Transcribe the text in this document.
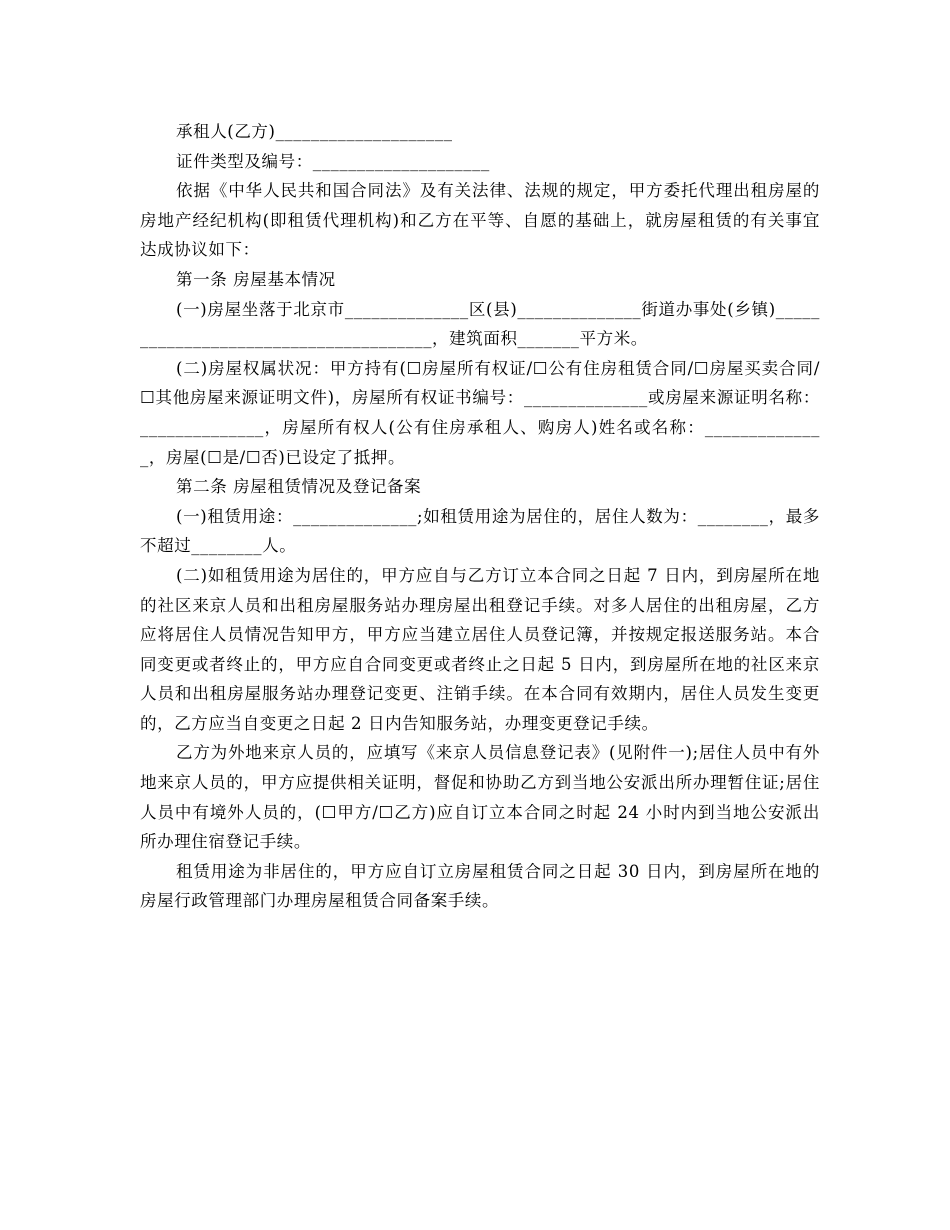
承租人(乙方)____________________

证件类型及编号：____________________

依据《中华人民共和国合同法》及有关法律、法规的规定，甲方委托代理出租房屋的房地产经纪机构(即租赁代理机构)和乙方在平等、自愿的基础上，就房屋租赁的有关事宜达成协议如下：

第一条 房屋基本情况

(一)房屋坐落于北京市______________区(县)______________街道办事处(乡镇)______________________________________，建筑面积_______平方米。

(二)房屋权属状况：甲方持有(☐房屋所有权证/☐公有住房租赁合同/☐房屋买卖合同/☐其他房屋来源证明文件)，房屋所有权证书编号：______________或房屋来源证明名称：______________，房屋所有权人(公有住房承租人、购房人)姓名或名称：______________，房屋(☐是/☐否)已设定了抵押。

第二条 房屋租赁情况及登记备案

(一)租赁用途：______________;如租赁用途为居住的，居住人数为：________，最多不超过________人。

(二)如租赁用途为居住的，甲方应自与乙方订立本合同之日起 7 日内，到房屋所在地的社区来京人员和出租房屋服务站办理房屋出租登记手续。对多人居住的出租房屋，乙方应将居住人员情况告知甲方，甲方应当建立居住人员登记簿，并按规定报送服务站。本合同变更或者终止的，甲方应自合同变更或者终止之日起 5 日内，到房屋所在地的社区来京人员和出租房屋服务站办理登记变更、注销手续。在本合同有效期内，居住人员发生变更的，乙方应当自变更之日起 2 日内告知服务站，办理变更登记手续。

乙方为外地来京人员的，应填写《来京人员信息登记表》(见附件一);居住人员中有外地来京人员的，甲方应提供相关证明，督促和协助乙方到当地公安派出所办理暂住证;居住人员中有境外人员的，(☐甲方/☐乙方)应自订立本合同之时起 24 小时内到当地公安派出所办理住宿登记手续。

租赁用途为非居住的，甲方应自订立房屋租赁合同之日起 30 日内，到房屋所在地的房屋行政管理部门办理房屋租赁合同备案手续。
